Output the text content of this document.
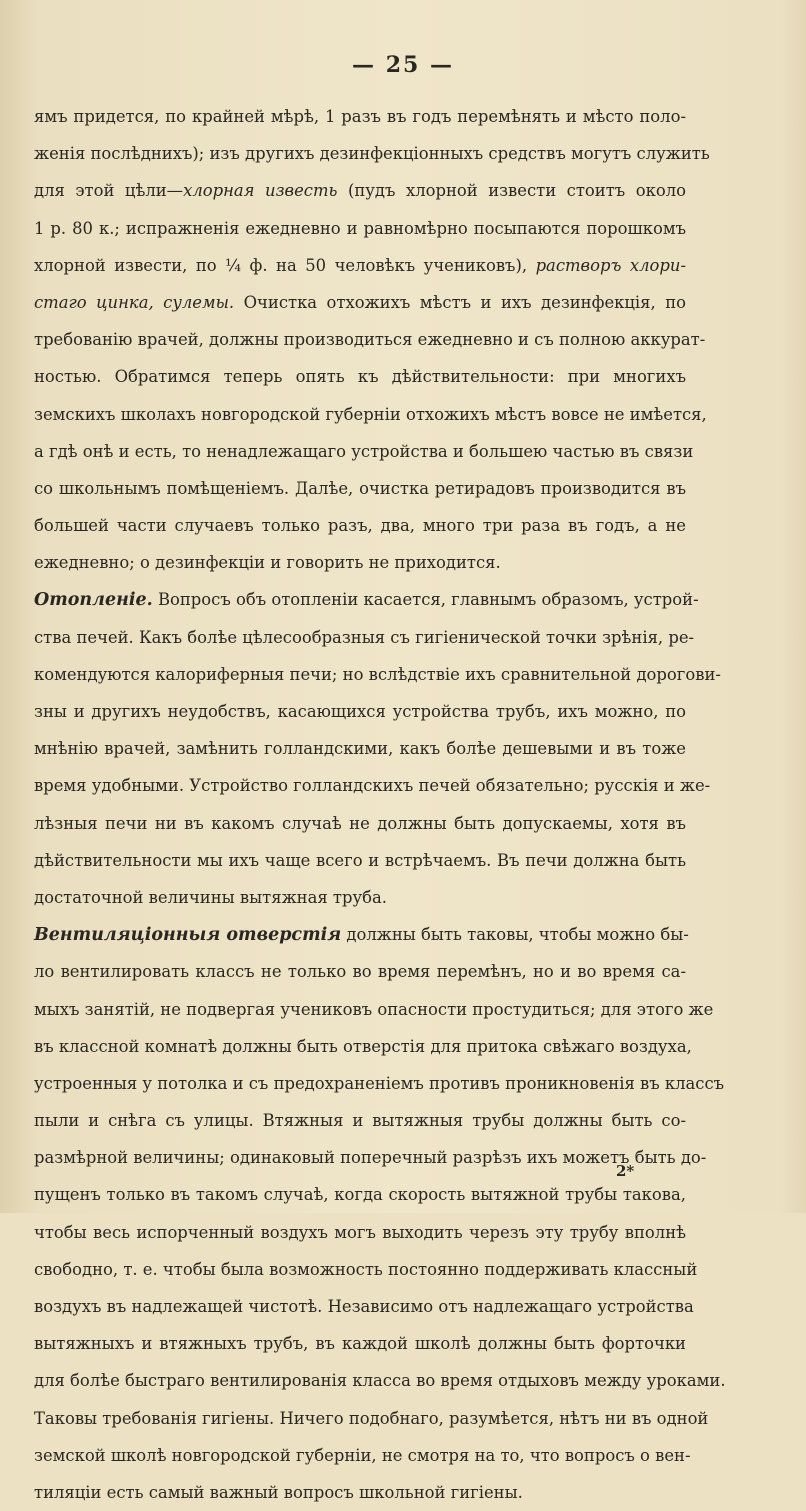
— 25 —
ямъ придется, по крайней мѣрѣ, 1 разъ въ годъ перемѣнять и мѣсто поло-
женія послѣднихъ); изъ другихъ дезинфекціонныхъ средствъ могутъ служить
для этой цѣли—хлорная известь (пудъ хлорной извести стоитъ около
1 р. 80 к.; испражненія ежедневно и равномѣрно посыпаются порошкомъ
хлорной извести, по ¼ ф. на 50 человѣкъ учениковъ), растворъ хлори-
стаго цинка, сулемы. Очистка отхожихъ мѣстъ и ихъ дезинфекція, по
требованію врачей, должны производиться ежедневно и съ полною аккурат-
ностью. Обратимся теперь опять къ дѣйствительности: при многихъ
земскихъ школахъ новгородской губерніи отхожихъ мѣстъ вовсе не имѣется,
а гдѣ онѣ и есть, то ненадлежащаго устройства и большею частью въ связи
со школьнымъ помѣщеніемъ. Далѣе, очистка ретирадовъ производится въ
большей части случаевъ только разъ, два, много три раза въ годъ, а не
ежедневно; о дезинфекціи и говорить не приходится.
Отопленіе. Вопросъ объ отопленіи касается, главнымъ образомъ, устрой-
ства печей. Какъ болѣе цѣлесообразныя съ гигіенической точки зрѣнія, ре-
комендуются калориферныя печи; но вслѣдствіе ихъ сравнительной дорогови-
зны и другихъ неудобствъ, касающихся устройства трубъ, ихъ можно, по
мнѣнію врачей, замѣнить голландскими, какъ болѣе дешевыми и въ тоже
время удобными. Устройство голландскихъ печей обязательно; русскія и же-
лѣзныя печи ни въ какомъ случаѣ не должны быть допускаемы, хотя въ
дѣйствительности мы ихъ чаще всего и встрѣчаемъ. Въ печи должна быть
достаточной величины вытяжная труба.
Вентиляціонныя отверстія должны быть таковы, чтобы можно бы-
ло вентилировать классъ не только во время перемѣнъ, но и во время са-
мыхъ занятій, не подвергая учениковъ опасности простудиться; для этого же
въ классной комнатѣ должны быть отверстія для притока свѣжаго воздуха,
устроенныя у потолка и съ предохраненіемъ противъ проникновенія въ классъ
пыли и снѣга съ улицы. Втяжныя и вытяжныя трубы должны быть со-
размѣрной величины; одинаковый поперечный разрѣзъ ихъ можетъ быть до-
пущенъ только въ такомъ случаѣ, когда скорость вытяжной трубы такова,
чтобы весь испорченный воздухъ могъ выходить черезъ эту трубу вполнѣ
свободно, т. е. чтобы была возможность постоянно поддерживать классный
воздухъ въ надлежащей чистотѣ. Независимо отъ надлежащаго устройства
вытяжныхъ и втяжныхъ трубъ, въ каждой школѣ должны быть форточки
для болѣе быстраго вентилированія класса во время отдыховъ между уроками.
Таковы требованія гигіены. Ничего подобнаго, разумѣется, нѣтъ ни въ одной
земской школѣ новгородской губерніи, не смотря на то, что вопросъ о вен-
тиляціи есть самый важный вопросъ школьной гигіены.
2*
